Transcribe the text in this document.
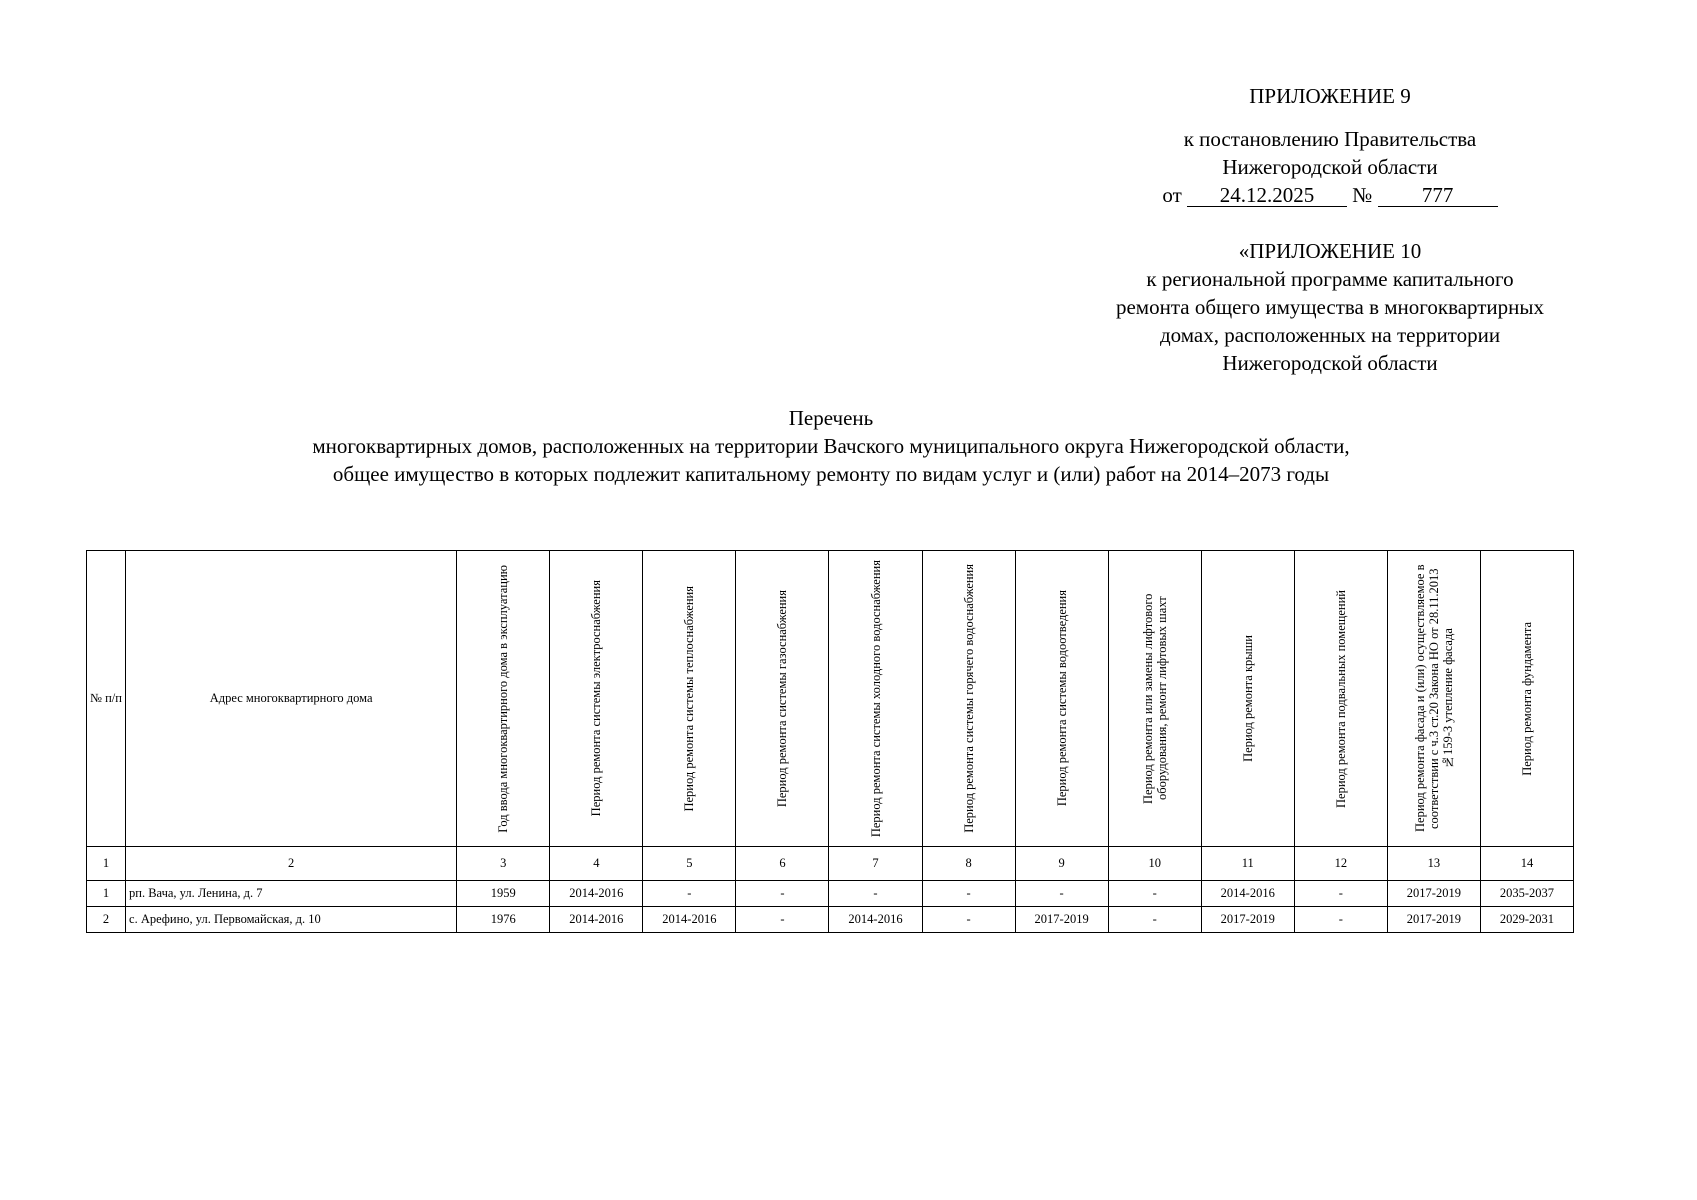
ПРИЛОЖЕНИЕ 9
к постановлению Правительства
Нижегородской области
от 24.12.2025 № 777
«ПРИЛОЖЕНИЕ 10
к региональной программе капитального
ремонта общего имущества в многоквартирных
домах, расположенных на территории
Нижегородской области
Перечень
многоквартирных домов, расположенных на территории Вачского муниципального округа Нижегородской области,
общее имущество в которых подлежит капитальному ремонту по видам услуг и (или) работ на 2014–2073 годы
№ п/п	Адрес многоквартирного дома	Год ввода многоквартирного дома в эксплуатацию	Период ремонта системы электроснабжения	Период ремонта системы теплоснабжения	Период ремонта системы газоснабжения	Период ремонта системы холодного водоснабжения	Период ремонта системы горячего водоснабжения	Период ремонта системы водоотведения	Период ремонта или замены лифтового оборудования, ремонт лифтовых шахт	Период ремонта крыши	Период ремонта подвальных помещений	Период ремонта фасада и (или) осуществляемое в соответствии с ч.3 ст.20 Закона НО от 28.11.2013 №159-З утепление фасада	Период ремонта фундамента

1	2	3	4	5	6	7	8	9	10	11	12	13	14
1	рп. Вача, ул. Ленина, д. 7	1959	2014-2016	-	-	-	-	-	-	2014-2016	-	2017-2019	2035-2037
2	с. Арефино, ул. Первомайская, д. 10	1976	2014-2016	2014-2016	-	2014-2016	-	2017-2019	-	2017-2019	-	2017-2019	2029-2031
